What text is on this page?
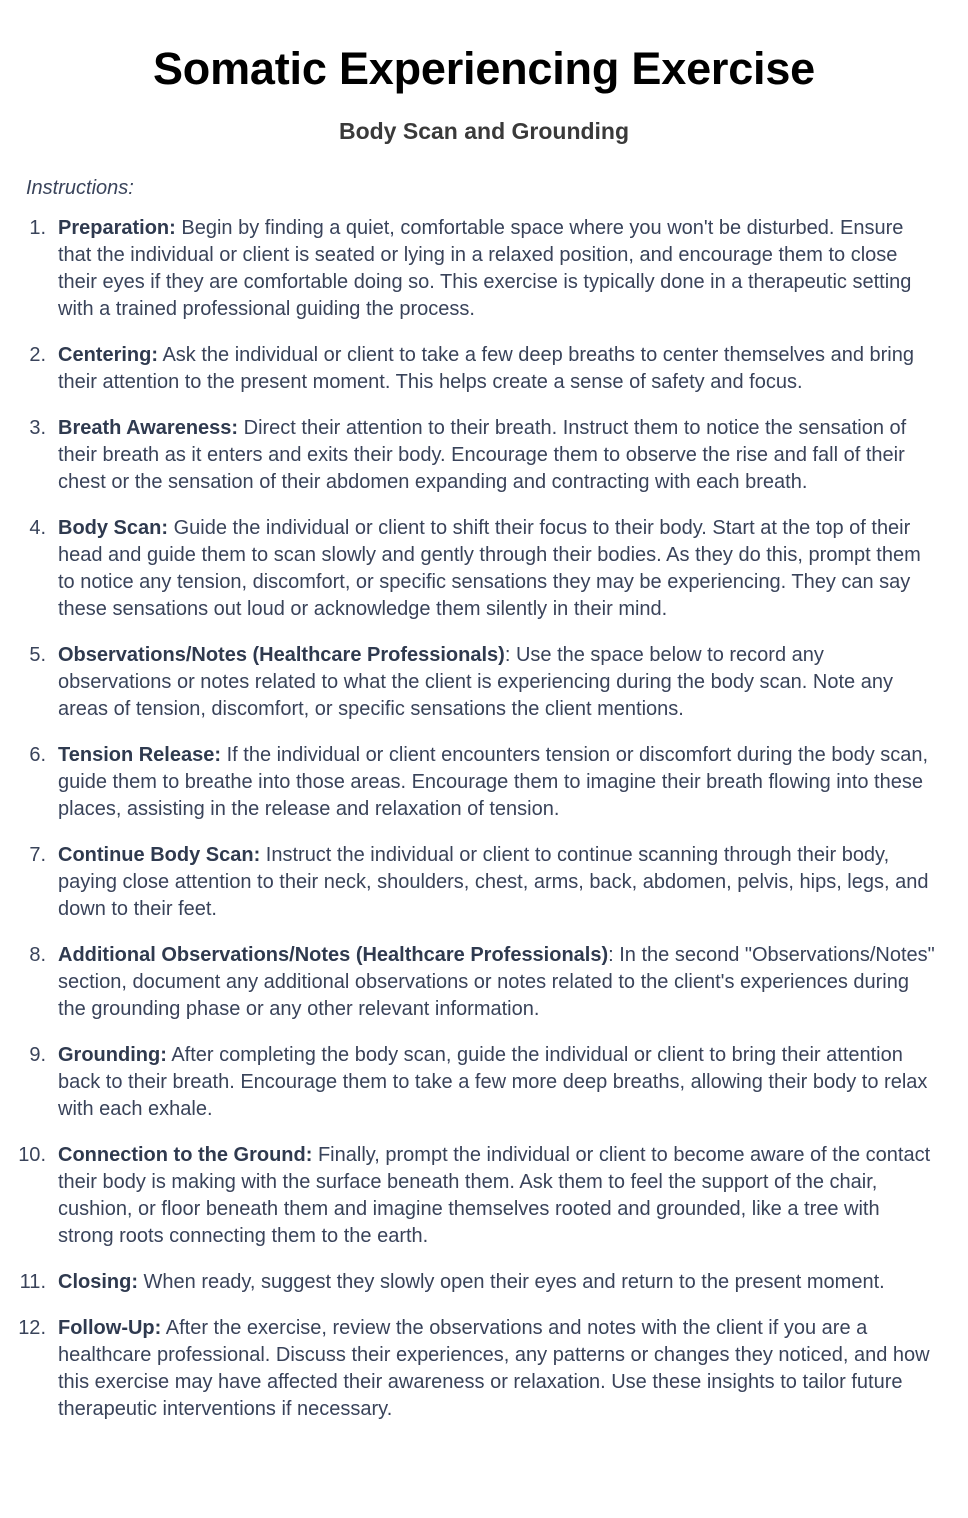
Somatic Experiencing Exercise
Body Scan and Grounding

Instructions:

Preparation: Begin by finding a quiet, comfortable space where you won't be disturbed. Ensure that the individual or client is seated or lying in a relaxed position, and encourage them to close their eyes if they are comfortable doing so. This exercise is typically done in a therapeutic setting with a trained professional guiding the process.
Centering: Ask the individual or client to take a few deep breaths to center themselves and bring their attention to the present moment. This helps create a sense of safety and focus.
Breath Awareness: Direct their attention to their breath. Instruct them to notice the sensation of their breath as it enters and exits their body. Encourage them to observe the rise and fall of their chest or the sensation of their abdomen expanding and contracting with each breath.
Body Scan: Guide the individual or client to shift their focus to their body. Start at the top of their head and guide them to scan slowly and gently through their bodies. As they do this, prompt them to notice any tension, discomfort, or specific sensations they may be experiencing. They can say these sensations out loud or acknowledge them silently in their mind.
Observations/Notes (Healthcare Professionals): Use the space below to record any observations or notes related to what the client is experiencing during the body scan. Note any areas of tension, discomfort, or specific sensations the client mentions.
Tension Release: If the individual or client encounters tension or discomfort during the body scan, guide them to breathe into those areas. Encourage them to imagine their breath flowing into these places, assisting in the release and relaxation of tension.
Continue Body Scan: Instruct the individual or client to continue scanning through their body, paying close attention to their neck, shoulders, chest, arms, back, abdomen, pelvis, hips, legs, and down to their feet.
Additional Observations/Notes (Healthcare Professionals): In the second "Observations/Notes" section, document any additional observations or notes related to the client's experiences during the grounding phase or any other relevant information.
Grounding: After completing the body scan, guide the individual or client to bring their attention back to their breath. Encourage them to take a few more deep breaths, allowing their body to relax with each exhale.
Connection to the Ground: Finally, prompt the individual or client to become aware of the contact their body is making with the surface beneath them. Ask them to feel the support of the chair, cushion, or floor beneath them and imagine themselves rooted and grounded, like a tree with strong roots connecting them to the earth.
Closing: When ready, suggest they slowly open their eyes and return to the present moment.
Follow-Up: After the exercise, review the observations and notes with the client if you are a healthcare professional. Discuss their experiences, any patterns or changes they noticed, and how this exercise may have affected their awareness or relaxation. Use these insights to tailor future therapeutic interventions if necessary.
